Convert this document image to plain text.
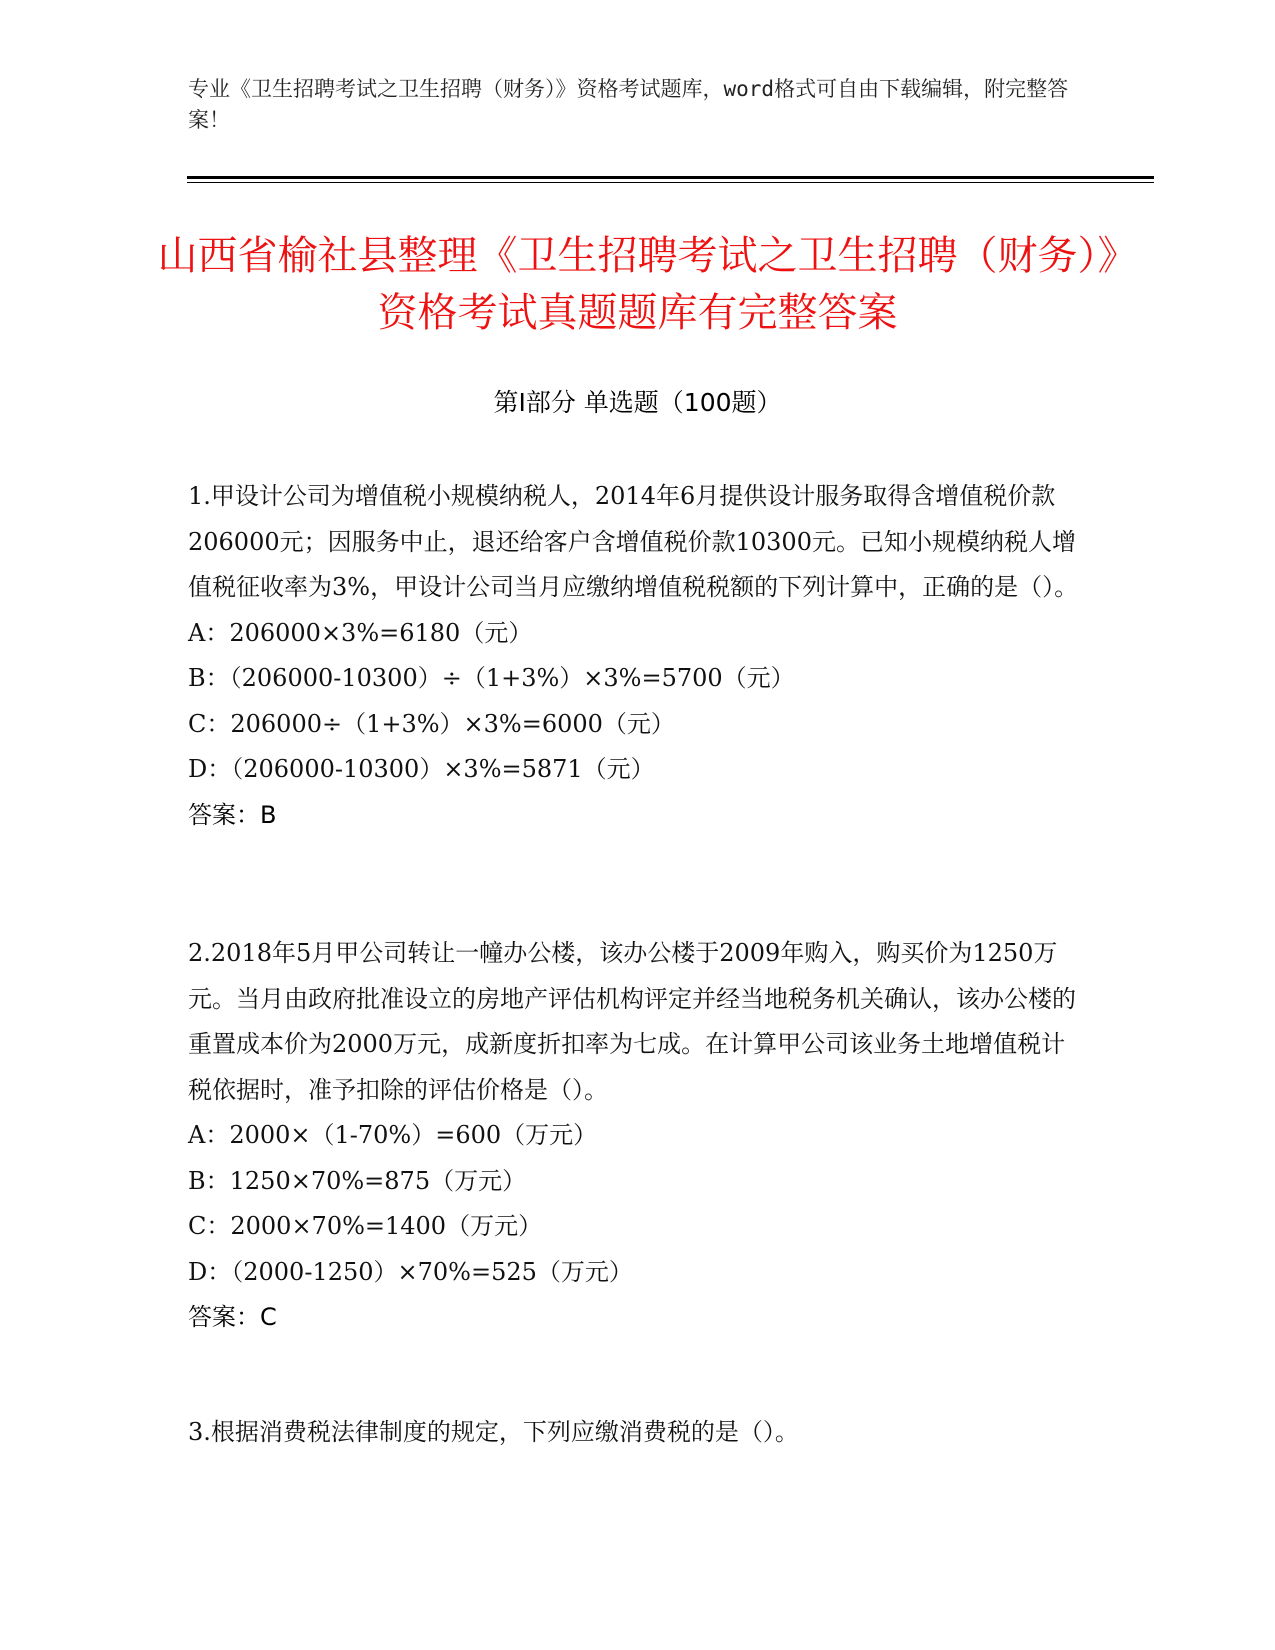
专业《卫生招聘考试之卫生招聘（财务）》资格考试题库，word格式可自由下载编辑，附完整答案！
山西省榆社县整理《卫生招聘考试之卫生招聘（财务）》资格考试真题题库有完整答案
第Ⅰ部分 单选题（100题）
1.甲设计公司为增值税小规模纳税人，2014年6月提供设计服务取得含增值税价款206000元；因服务中止，退还给客户含增值税价款10300元。已知小规模纳税人增值税征收率为3%，甲设计公司当月应缴纳增值税税额的下列计算中，正确的是（）。
A：206000×3%=6180（元）
B：（206000-10300）÷（1+3%）×3%=5700（元）
C：206000÷（1+3%）×3%=6000（元）
D：（206000-10300）×3%=5871（元）
答案：B
2.2018年5月甲公司转让一幢办公楼，该办公楼于2009年购入，购买价为1250万元。当月由政府批准设立的房地产评估机构评定并经当地税务机关确认，该办公楼的重置成本价为2000万元，成新度折扣率为七成。在计算甲公司该业务土地增值税计税依据时，准予扣除的评估价格是（）。
A：2000×（1-70%）=600（万元）
B：1250×70%=875（万元）
C：2000×70%=1400（万元）
D：（2000-1250）×70%=525（万元）
答案：C
3.根据消费税法律制度的规定，下列应缴消费税的是（）。
